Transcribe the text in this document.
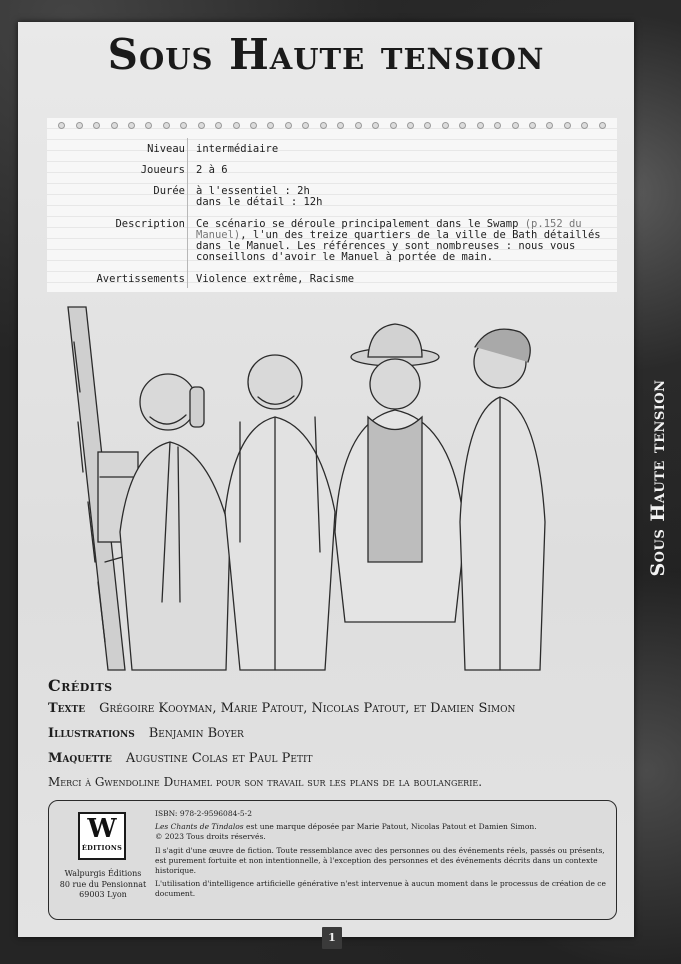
Sous Haute tension
Sous Haute tension
Niveau intermédiaire
Joueurs 2 à 6
Durée à l'essentiel : 2h
dans le détail : 12h
Description Ce scénario se déroule principalement dans le Swamp (p.152 du Manuel), l'un des treize quartiers de la ville de Bath détaillés dans le Manuel. Les références y sont nombreuses : nous vous conseillons d'avoir le Manuel à portée de main.
Avertissements Violence extrême, Racisme
Crédits
Texte Grégoire Kooyman, Marie Patout, Nicolas Patout, et Damien Simon
Illustrations Benjamin Boyer
Maquette Augustine Colas et Paul Petit
Merci à Gwendoline Duhamel pour son travail sur les plans de la boulangerie.
W
ÉDITIONS
Walpurgis Éditions
80 rue du Pensionnat
69003 Lyon

ISBN: 978-2-9596084-5-2

Les Chants de Tindalos est une marque déposée par Marie Patout, Nicolas Patout et Damien Simon.
© 2023 Tous droits réservés.

Il s'agit d'une œuvre de fiction. Toute ressemblance avec des personnes ou des événements réels, passés ou présents, est purement fortuite et non intentionnelle, à l'exception des personnes et des événements décrits dans un contexte historique.

L'utilisation d'intelligence artificielle générative n'est intervenue à aucun moment dans le processus de création de ce document.

1
